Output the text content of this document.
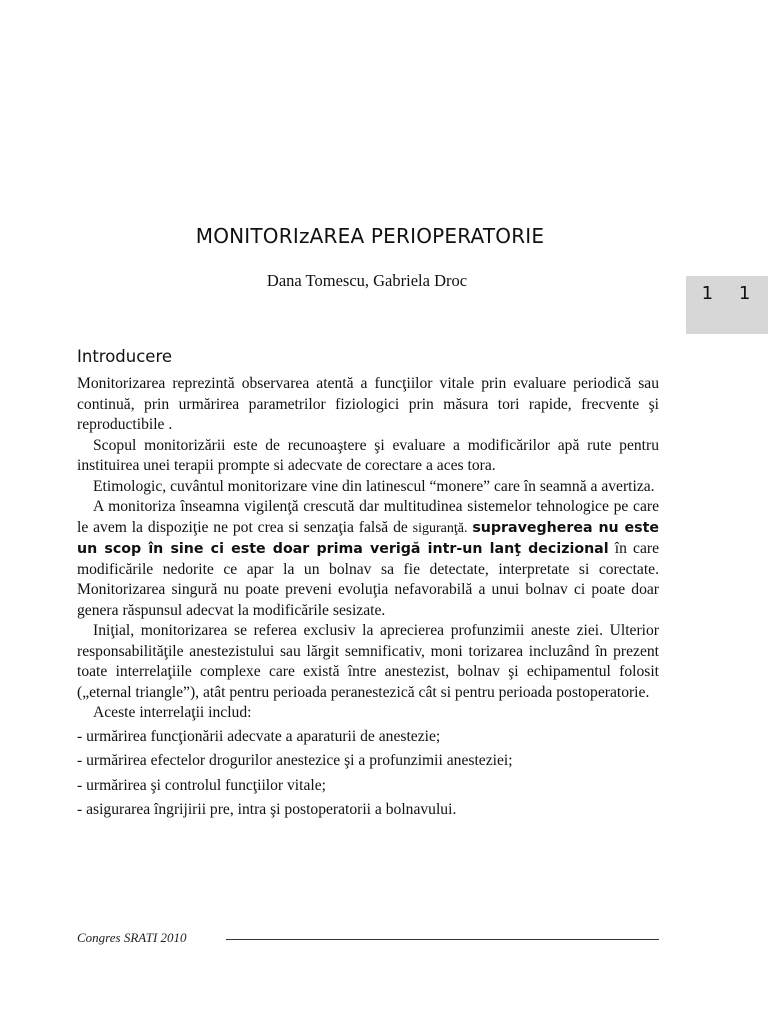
MONITORIzAREA PERIOPERATORIE
Dana Tomescu, Gabriela Droc
1 1
Introducere

Monitorizarea reprezintă observarea atentă a funcţiilor vitale prin evaluare periodică sau continuă, prin urmărirea parametrilor fiziologici prin măsura tori rapide, frecvente şi reproductibile .

Scopul monitorizării este de recunoaştere şi evaluare a modificărilor apă rute pentru instituirea unei terapii prompte si adecvate de corectare a aces tora.

Etimologic, cuvântul monitorizare vine din latinescul “monere” care în seamnă a avertiza.

A monitoriza înseamna vigilenţă crescută dar multitudinea sistemelor tehnologice pe care le avem la dispoziţie ne pot crea si senzaţia falsă de siguranţă. supravegherea nu este un scop în sine ci este doar prima verigă intr-un lanţ decizional în care modificările nedorite ce apar la un bolnav sa fie detectate, interpretate si corectate. Monitorizarea singură nu poate preveni evoluţia nefavorabilă a unui bolnav ci poate doar genera răspunsul adecvat la modificările sesizate.

Iniţial, monitorizarea se referea exclusiv la aprecierea profunzimii aneste ziei. Ulterior responsabilităţile anestezistului sau lărgit semnificativ, moni torizarea incluzând în prezent toate interrelaţiile complexe care există între anestezist, bolnav şi echipamentul folosit („eternal triangle”), atât pentru perioada peranestezică cât si pentru perioada postoperatorie.

Aceste interrelaţii includ:

- urmărirea funcţionării adecvate a aparaturii de anestezie;
- urmărirea efectelor drogurilor anestezice şi a profunzimii anesteziei;
- urmărirea şi controlul funcţiilor vitale;
- asigurarea îngrijirii pre, intra şi postoperatorii a bolnavului.
Congres SRATI 2010
